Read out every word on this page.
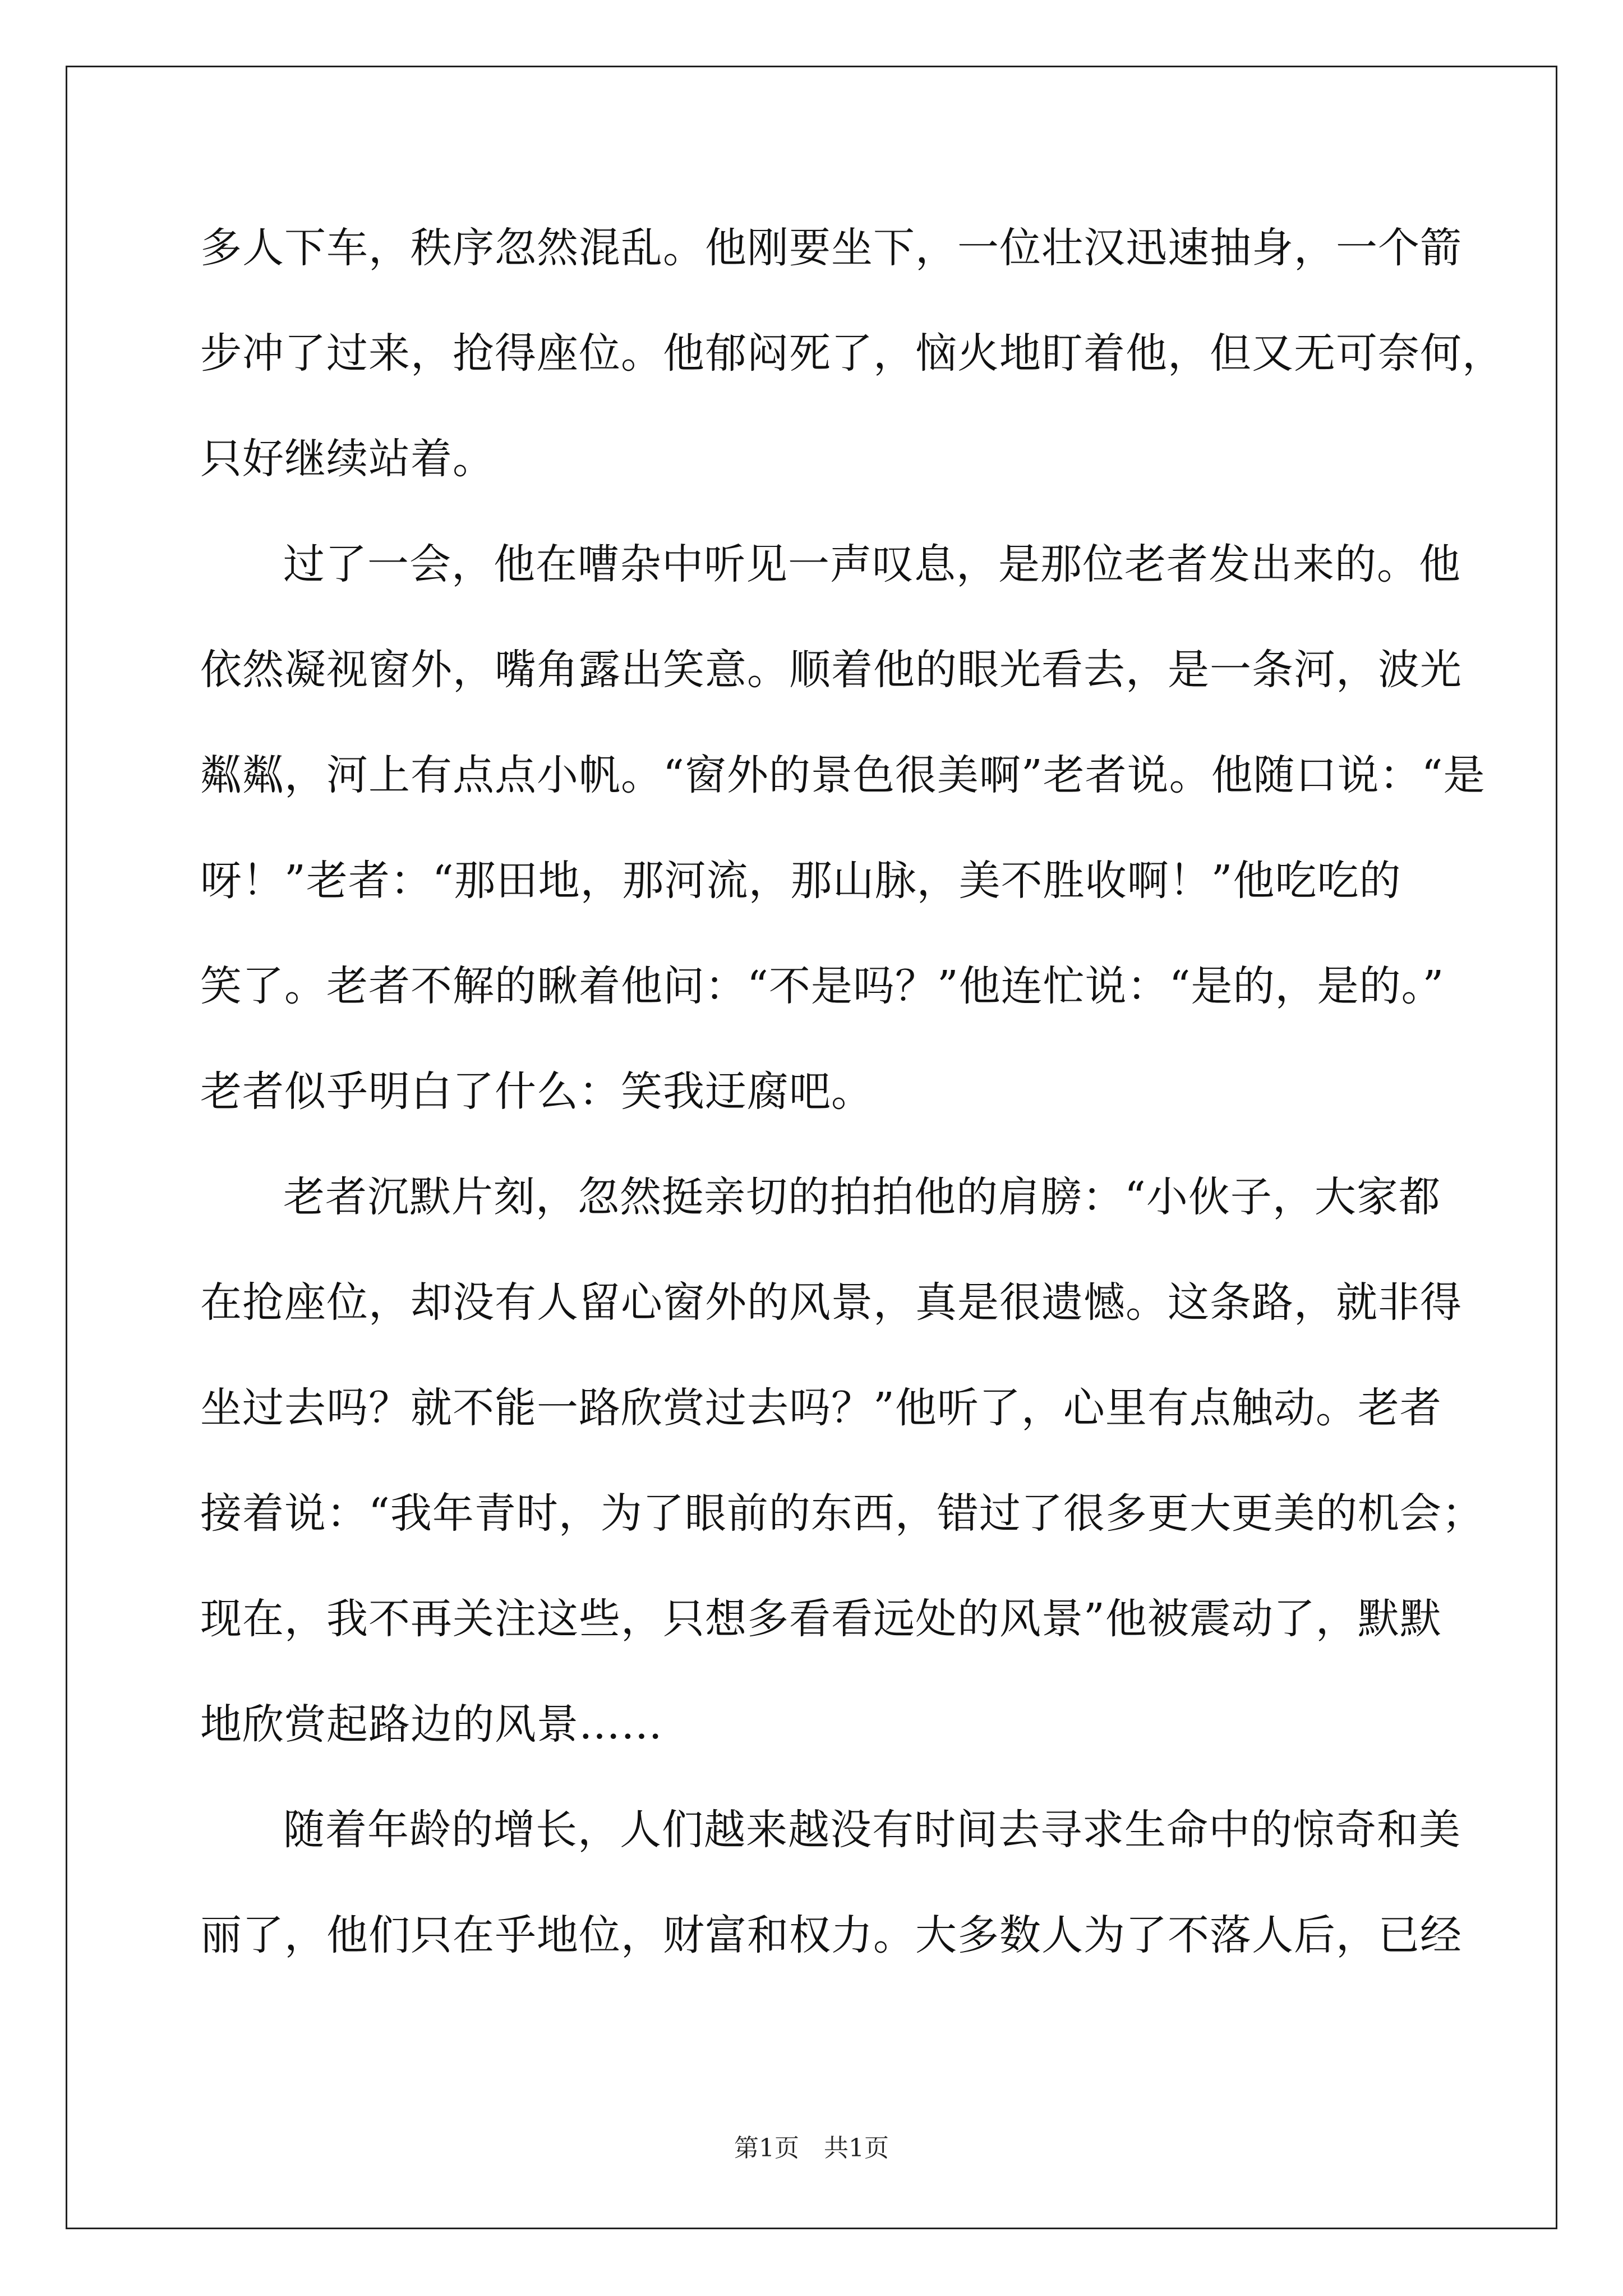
多人下车，秩序忽然混乱。他刚要坐下，一位壮汉迅速抽身，一个箭
步冲了过来，抢得座位。他郁闷死了，恼火地盯着他，但又无可奈何，
只好继续站着。
过了一会，他在嘈杂中听见一声叹息，是那位老者发出来的。他
依然凝视窗外，嘴角露出笑意。顺着他的眼光看去，是一条河，波光
粼粼，河上有点点小帆。“窗外的景色很美啊”老者说。他随口说：“是
呀！”老者：“那田地，那河流，那山脉，美不胜收啊！”他吃吃的
笑了。老者不解的瞅着他问：“不是吗？”他连忙说：“是的，是的。”
老者似乎明白了什么：笑我迂腐吧。
老者沉默片刻，忽然挺亲切的拍拍他的肩膀：“小伙子，大家都
在抢座位，却没有人留心窗外的风景，真是很遗憾。这条路，就非得
坐过去吗？就不能一路欣赏过去吗？”他听了，心里有点触动。老者
接着说：“我年青时，为了眼前的东西，错过了很多更大更美的机会；
现在，我不再关注这些，只想多看看远处的风景”他被震动了，默默
地欣赏起路边的风景……
随着年龄的增长，人们越来越没有时间去寻求生命中的惊奇和美
丽了，他们只在乎地位，财富和权力。大多数人为了不落人后，已经
第1页　共1页
